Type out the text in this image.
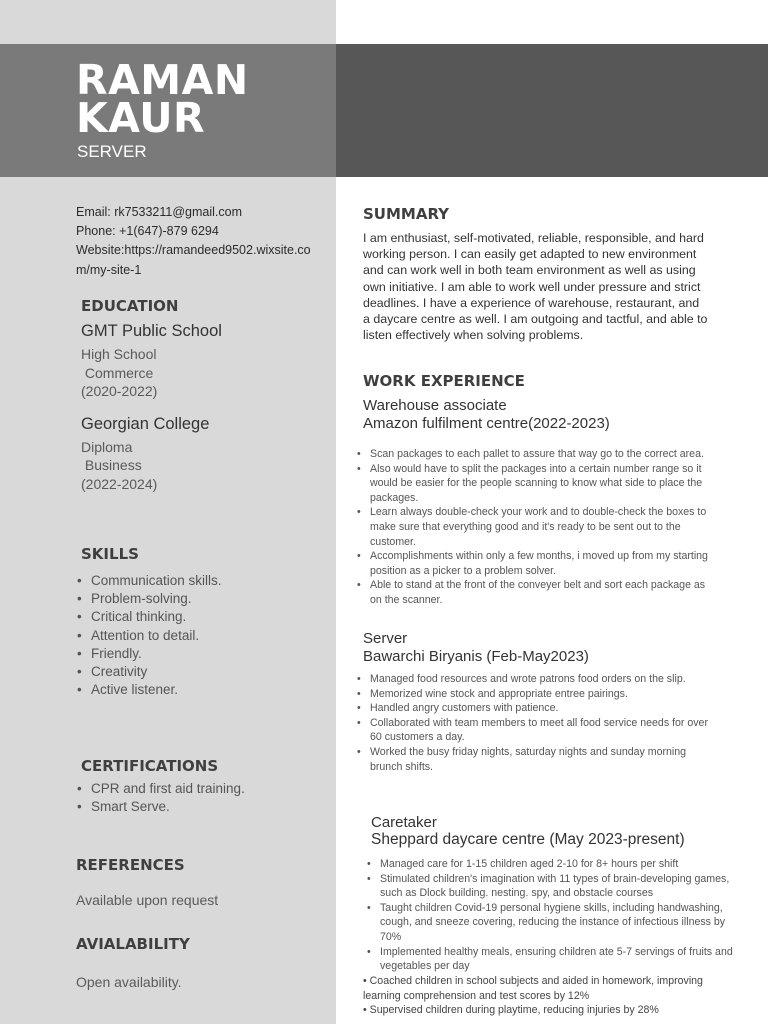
RAMAN
KAUR
SERVER
Email: rk7533211@gmail.com
Phone: +1(647)-879 6294
Website:https://ramandeed9502.wixsite.co
m/my-site-1
EDUCATION
GMT Public School
High School
Commerce
(2020-2022)
Georgian College
Diploma
Business
(2022-2024)
SKILLS
• Communication skills.
• Problem-solving.
• Critical thinking.
• Attention to detail.
• Friendly.
• Creativity
• Active listener.
CERTIFICATIONS
• CPR and first aid training.
• Smart Serve.
REFERENCES
Available upon request
AVIALABILITY
Open availability.
SUMMARY
I am enthusiast, self-motivated, reliable, responsible, and hard working person. I can easily get adapted to new environment and can work well in both team environment as well as using own initiative. I am able to work well under pressure and strict deadlines. I have a experience of warehouse, restaurant, and a daycare centre as well. I am outgoing and tactful, and able to listen effectively when solving problems.
WORK EXPERIENCE
Warehouse associate
Amazon fulfilment centre(2022-2023)
• Scan packages to each pallet to assure that way go to the correct area.
• Also would have to split the packages into a certain number range so it would be easier for the people scanning to know what side to place the packages.
• Learn always double-check your work and to double-check the boxes to make sure that everything good and it's ready to be sent out to the customer.
• Accomplishments within only a few months, i moved up from my starting position as a picker to a problem solver.
• Able to stand at the front of the conveyer belt and sort each package as on the scanner.
Server
Bawarchi Biryanis (Feb-May2023)
• Managed food resources and wrote patrons food orders on the slip.
• Memorized wine stock and appropriate entree pairings.
• Handled angry customers with patience.
• Collaborated with team members to meet all food service needs for over 60 customers a day.
• Worked the busy friday nights, saturday nights and sunday morning brunch shifts.
Caretaker
Sheppard daycare centre (May 2023-present)
• Managed care for 1-15 children aged 2-10 for 8+ hours per shift
• Stimulated children's imagination with 11 types of brain-developing games, such as Dlock building. nesting. spy, and obstacle courses
• Taught children Covid-19 personal hygiene skills, including handwashing, cough, and sneeze covering, reducing the instance of infectious illness by 70%
• Implemented healthy meals, ensuring children ate 5-7 servings of fruits and vegetables per day
• Coached children in school subjects and aided in homework, improving learning comprehension and test scores by 12%
• Supervised children during playtime, reducing injuries by 28%
